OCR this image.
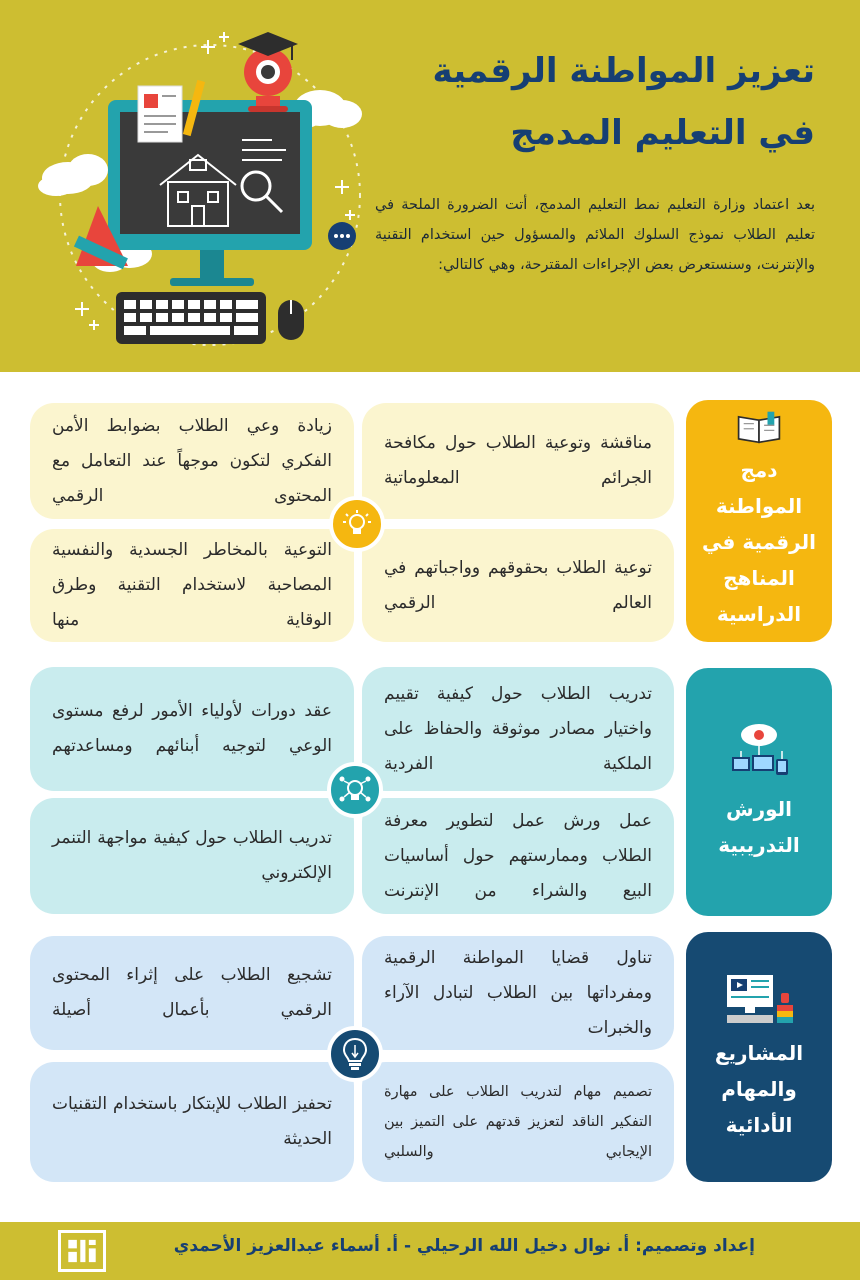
تعزيز المواطنة الرقمية
في التعليم المدمج

بعد اعتماد وزارة التعليم نمط التعليم المدمج، أتت الضرورة الملحة في تعليم الطلاب نموذج السلوك الملائم والمسؤول حين استخدام التقنية والإنترنت، وسنستعرض بعض الإجراءات المقترحة، وهي كالتالي:

دمج المواطنة الرقمية في المناهج الدراسية
مناقشة وتوعية الطلاب حول مكافحة الجرائم المعلوماتية
زيادة وعي الطلاب بضوابط الأمن الفكري لتكون موجهاً عند التعامل مع المحتوى الرقمي
توعية الطلاب بحقوقهم وواجباتهم في العالم الرقمي
التوعية بالمخاطر الجسدية والنفسية المصاحبة لاستخدام التقنية وطرق الوقاية منها
الورش التدريبية
تدريب الطلاب حول كيفية تقييم واختيار مصادر موثوقة والحفاظ على الملكية الفردية
عقد دورات لأولياء الأمور لرفع مستوى الوعي لتوجيه أبنائهم ومساعدتهم
عمل ورش عمل لتطوير معرفة الطلاب وممارستهم حول أساسيات البيع والشراء من الإنترنت
تدريب الطلاب حول كيفية مواجهة التنمر الإلكتروني
المشاريع والمهام الأدائية
تناول قضايا المواطنة الرقمية ومفرداتها بين الطلاب لتبادل الآراء والخبرات
تشجيع الطلاب على إثراء المحتوى الرقمي بأعمال أصيلة
تصميم مهام لتدريب الطلاب على مهارة التفكير الناقد لتعزيز قدتهم على التميز بين الإيجابي والسلبي
تحفيز الطلاب للإبتكار باستخدام التقنيات الحديثة
إعداد وتصميم: أ. نوال دخيل الله الرحيلي - أ. أسماء عبدالعزيز الأحمدي
